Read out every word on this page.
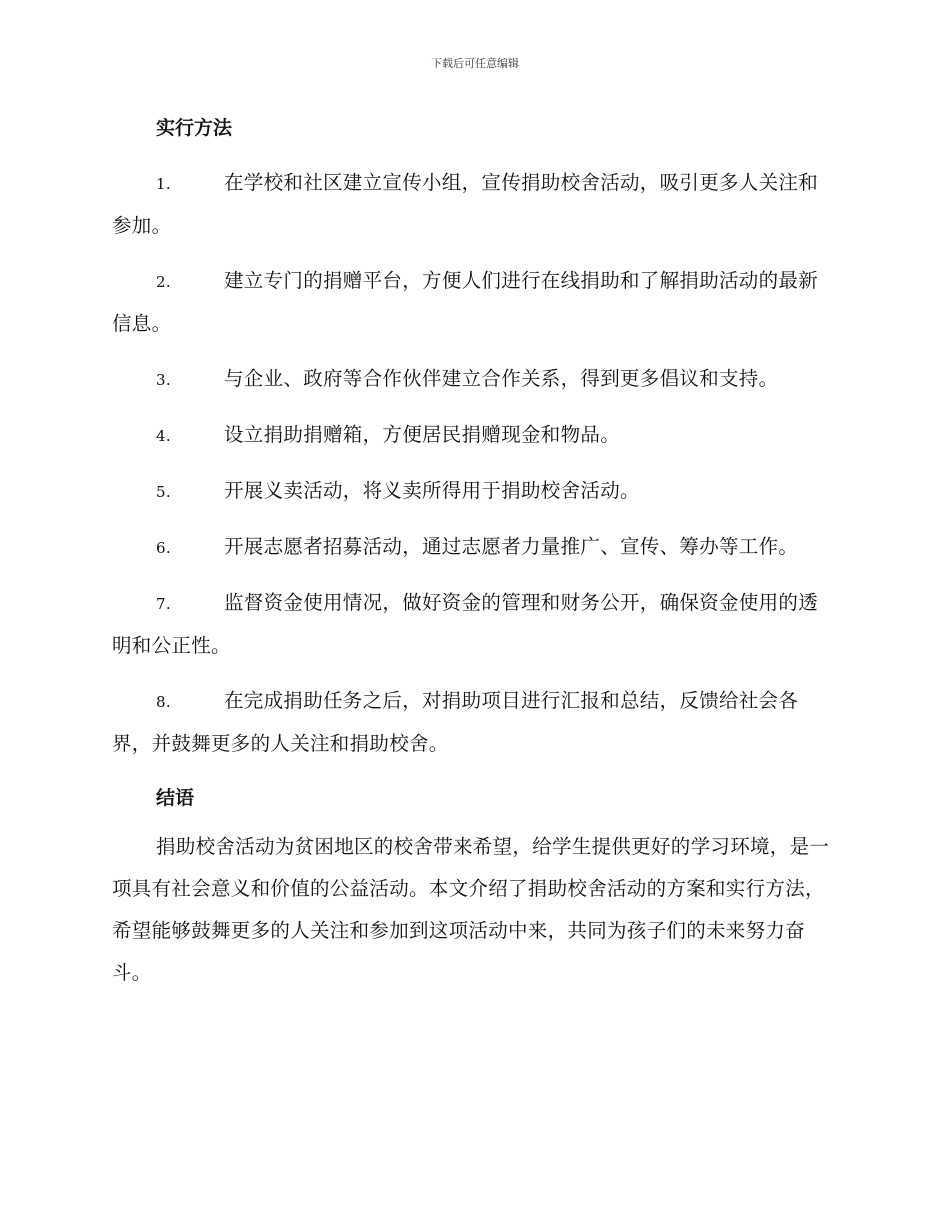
下载后可任意编辑
实行方法
1.	在学校和社区建立宣传小组，宣传捐助校舍活动，吸引更多人关注和参加。
2.	建立专门的捐赠平台，方便人们进行在线捐助和了解捐助活动的最新信息。
3.	与企业、政府等合作伙伴建立合作关系，得到更多倡议和支持。
4.	设立捐助捐赠箱，方便居民捐赠现金和物品。
5.	开展义卖活动，将义卖所得用于捐助校舍活动。
6.	开展志愿者招募活动，通过志愿者力量推广、宣传、筹办等工作。
7.	监督资金使用情况，做好资金的管理和财务公开，确保资金使用的透明和公正性。
8.	在完成捐助任务之后，对捐助项目进行汇报和总结，反馈给社会各界，并鼓舞更多的人关注和捐助校舍。
结语

捐助校舍活动为贫困地区的校舍带来希望，给学生提供更好的学习环境，是一项具有社会意义和价值的公益活动。本文介绍了捐助校舍活动的方案和实行方法，希望能够鼓舞更多的人关注和参加到这项活动中来，共同为孩子们的未来努力奋斗。
